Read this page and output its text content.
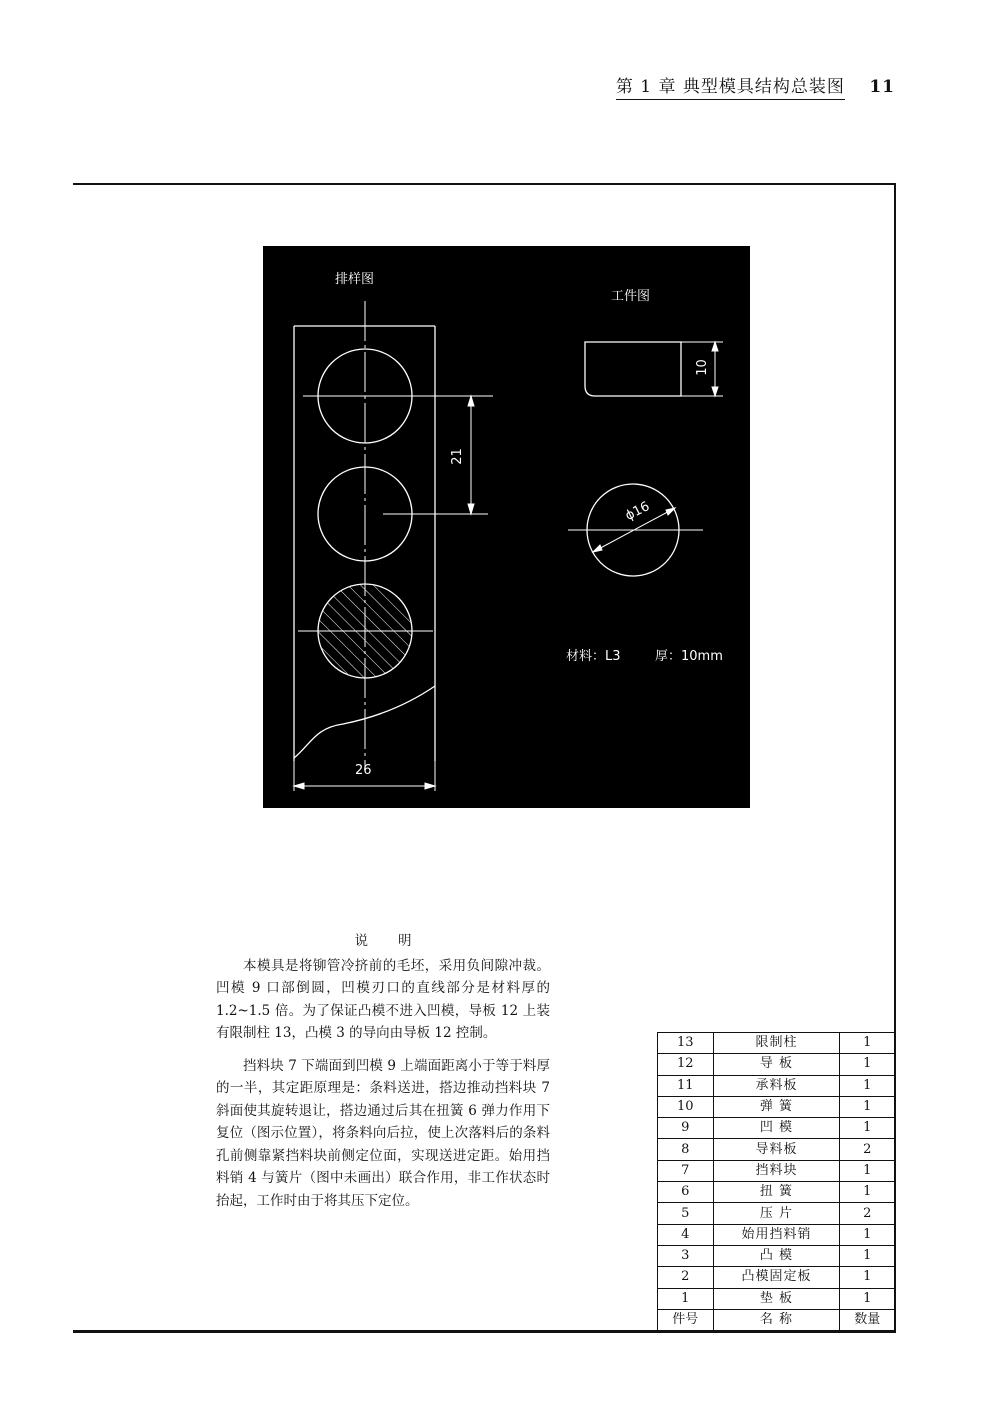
第 1 章 典型模具结构总装图 11
排样图
工件图
21
26
10
ϕ16
材料：L3	厚：10mm
说明

本模具是将铆管冷挤前的毛坯，采用负间隙冲裁。凹模 9 口部倒圆，凹模刃口的直线部分是材料厚的 1.2~1.5 倍。为了保证凸模不进入凹模，导板 12 上装有限制柱 13，凸模 3 的导向由导板 12 控制。

挡料块 7 下端面到凹模 9 上端面距离小于等于料厚的一半，其定距原理是：条料送进，搭边推动挡料块 7 斜面使其旋转退让，搭边通过后其在扭簧 6 弹力作用下复位（图示位置），将条料向后拉，使上次落料后的条料孔前侧靠紧挡料块前侧定位面，实现送进定距。始用挡料销 4 与簧片（图中未画出）联合作用，非工作状态时抬起，工作时由于将其压下定位。

13	限制柱	1
12	导 板	1
11	承料板	1
10	弹 簧	1
9	凹 模	1
8	导料板	2
7	挡料块	1
6	扭 簧	1
5	压 片	2
4	始用挡料销	1
3	凸 模	1
2	凸模固定板	1
1	垫 板	1
件号	名 称	数量
